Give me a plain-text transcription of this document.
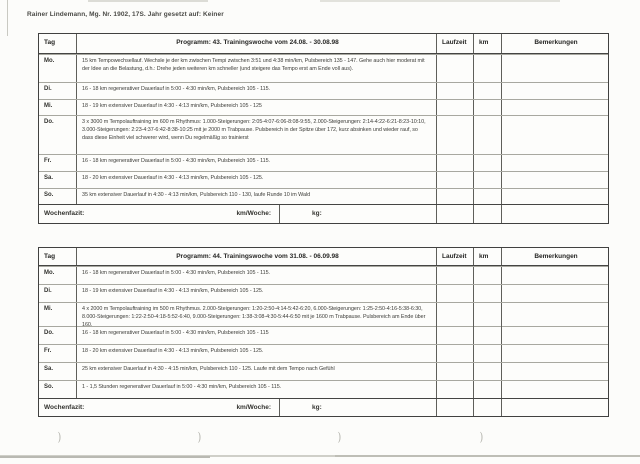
Rainer Lindemann, Mg. Nr. 1902, 17S. Jahr gesetzt auf: Keiner
Tag	Programm: 43. Trainingswoche vom 24.08. - 30.08.98	Laufzeit	km	Bemerkungen
Mo.	15 km Tempowechsellauf. Wechsle je der km zwischen Tempi zwischen 3:51 und 4:38 min/km, Pulsbereich 135 - 147. Gehe auch hier moderat mit der Idee an die Belastung, d.h.: Drehe jeden weiteren km schneller (und steigere das Tempo erst am Ende voll aus).
Di.	16 - 18 km regenerativer Dauerlauf in 5:00 - 4:30 min/km, Pulsbereich 105 - 115.
Mi.	18 - 19 km extensiver Dauerlauf in 4:30 - 4:13 min/km, Pulsbereich 105 - 125
Do.	3 x 3000 m Tempolauftraining im 600 m Rhythmus: 1.000-Steigerungen: 2:05-4:07-6:06-8:08-9:55, 2.000-Steigerungen: 2:14-4:22-6:21-8:23-10:10, 3.000-Steigerungen: 2:23-4:37-6:42-8:38-10:25 mit je 2000 m Trabpause. Pulsbereich in der Spitze über 172, kurz absinken und wieder rauf, so dass diese Einheit viel schwerer wird, wenn Du regelmäßig so trainierst
Fr.	16 - 18 km regenerativer Dauerlauf in 5:00 - 4:30 min/km, Pulsbereich 105 - 115.
Sa.	18 - 20 km extensiver Dauerlauf in 4:30 - 4:13 min/km, Pulsbereich 105 - 125.
So.	35 km extensiver Dauerlauf in 4:30 - 4:13 min/km, Pulsbereich 110 - 130, laufe Runde 10 im Wald
Wochenfazit:	km/Woche:	kg:
Tag	Programm: 44. Trainingswoche vom 31.08. - 06.09.98	Laufzeit	km	Bemerkungen
Mo.	16 - 18 km regenerativer Dauerlauf in 5:00 - 4:30 min/km, Pulsbereich 105 - 115.
Di.	18 - 19 km extensiver Dauerlauf in 4:30 - 4:13 min/km, Pulsbereich 105 - 125.
Mi.	4 x 2000 m Tempolauftraining im 500 m Rhythmus. 2.000-Steigerungen: 1:20-2:50-4:14-5:42-6:20, 6.000-Steigerungen: 1:25-2:50-4:16-5:38-6:30, 8.000-Steigerungen: 1:22-2:50-4:18-5:52-6:40, 9.000-Steigerungen: 1:38-3:08-4:30-5:44-6:50 mit je 1600 m Trabpause. Pulsbereich am Ende über 160.
Do.	16 - 18 km regenerativer Dauerlauf in 5:00 - 4:30 min/km, Pulsbereich 105 - 115
Fr.	18 - 20 km extensiver Dauerlauf in 4:30 - 4:13 min/km, Pulsbereich 105 - 125.
Sa.	25 km extensiver Dauerlauf in 4:30 - 4:15 min/km, Pulsbereich 110 - 125. Laufe mit dem Tempo nach Gefühl
So.	1 - 1,5 Stunden regenerativer Dauerlauf in 5:00 - 4:30 min/km, Pulsbereich 105 - 115.
Wochenfazit:	km/Woche:	kg:
)	)	)	)
